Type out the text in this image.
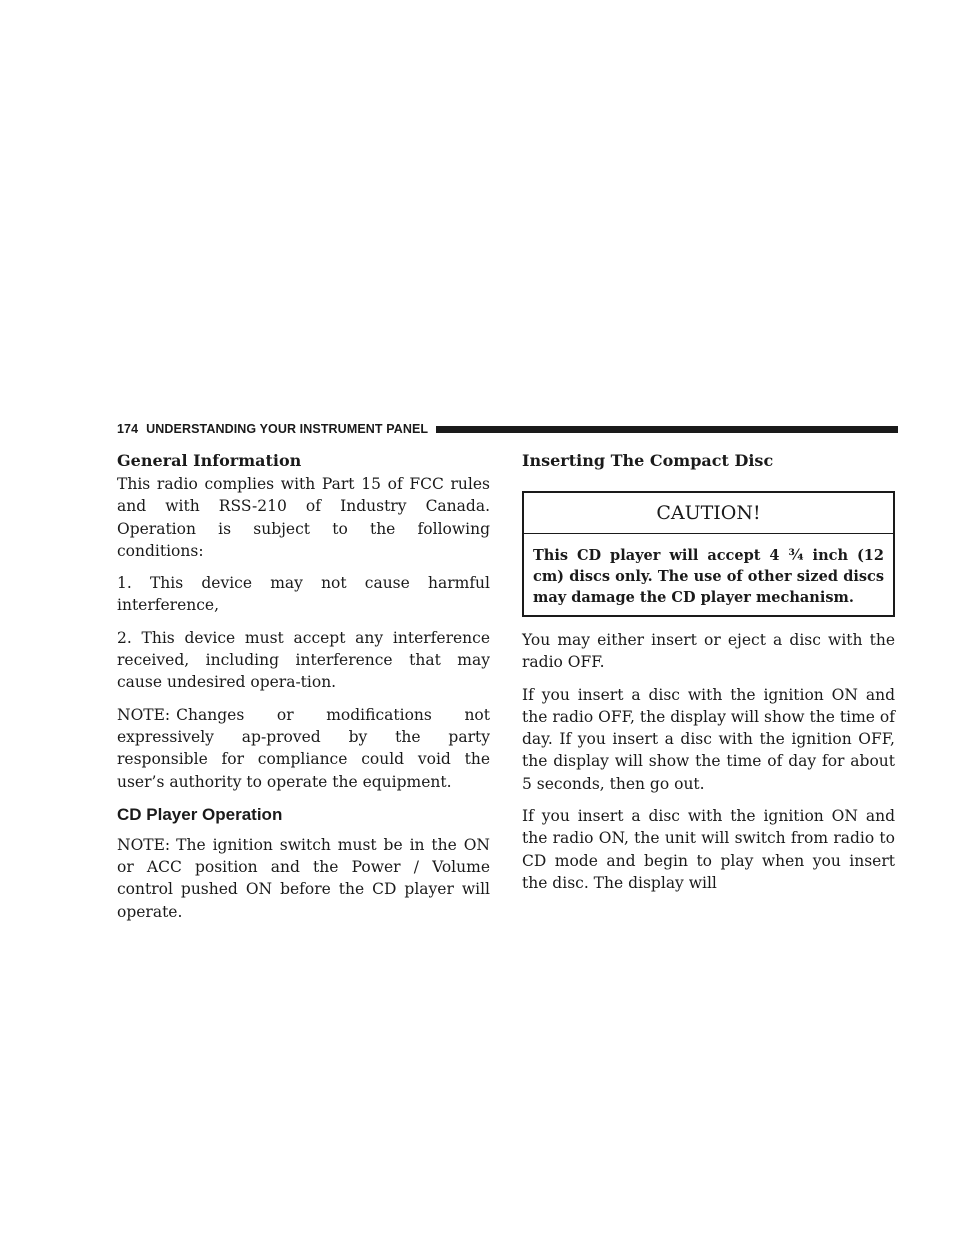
174 UNDERSTANDING YOUR INSTRUMENT PANEL
General Information

This radio complies with Part 15 of FCC rules and with RSS-210 of Industry Canada. Operation is subject to the following conditions:

1. This device may not cause harmful interference,

2. This device must accept any interference received, including interference that may cause undesired opera-tion.

NOTE: Changes or modifications not expressively ap-proved by the party responsible for compliance could void the user’s authority to operate the equipment.

CD Player Operation

NOTE: The ignition switch must be in the ON or ACC position and the Power / Volume control pushed ON before the CD player will operate.

Inserting The Compact Disc
CAUTION!
This CD player will accept 4 ¾ inch (12 cm) discs only. The use of other sized discs may damage the CD player mechanism.

You may either insert or eject a disc with the radio OFF.

If you insert a disc with the ignition ON and the radio OFF, the display will show the time of day. If you insert a disc with the ignition OFF, the display will show the time of day for about 5 seconds, then go out.

If you insert a disc with the ignition ON and the radio ON, the unit will switch from radio to CD mode and begin to play when you insert the disc. The display will
